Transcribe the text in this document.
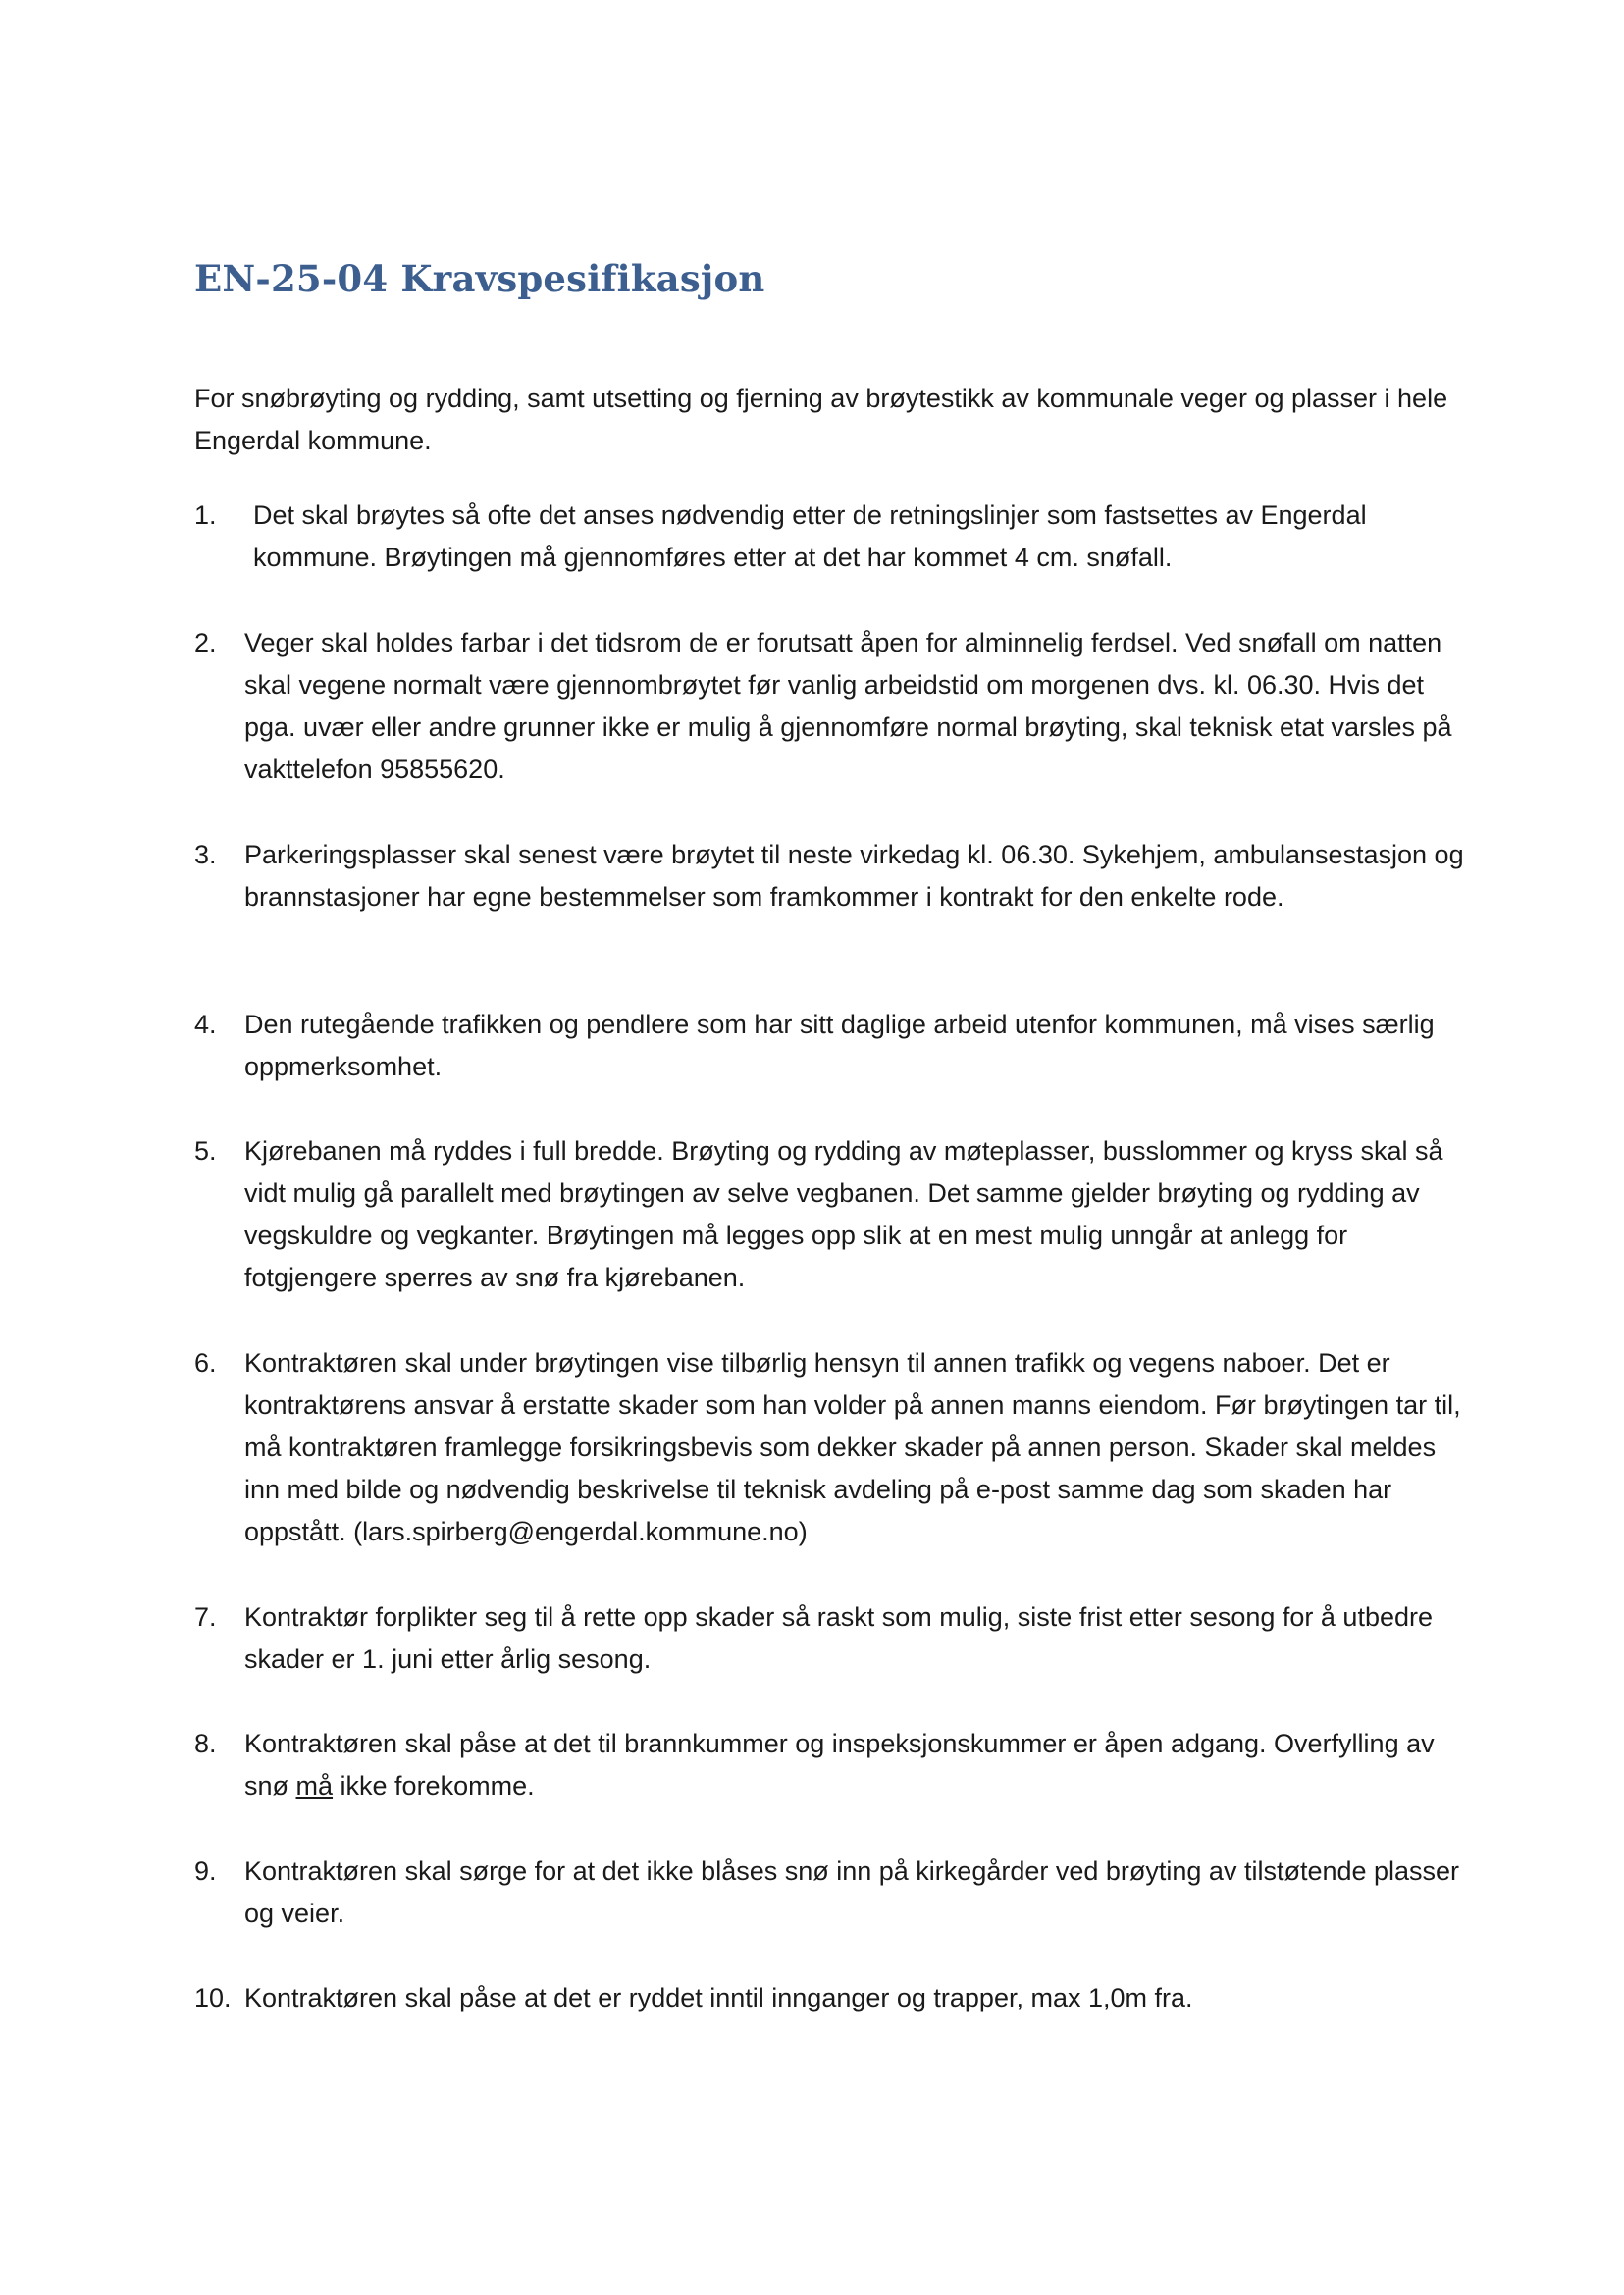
EN-25-04 Kravspesifikasjon

For snøbrøyting og rydding, samt utsetting og fjerning av brøytestikk av kommunale veger og plasser i hele Engerdal kommune.

1. Det skal brøytes så ofte det anses nødvendig etter de retningslinjer som fastsettes av Engerdal kommune. Brøytingen må gjennomføres etter at det har kommet 4 cm. snøfall.
2. Veger skal holdes farbar i det tidsrom de er forutsatt åpen for alminnelig ferdsel. Ved snøfall om natten skal vegene normalt være gjennombrøytet før vanlig arbeidstid om morgenen dvs. kl. 06.30. Hvis det pga. uvær eller andre grunner ikke er mulig å gjennomføre normal brøyting, skal teknisk etat varsles på vakttelefon 95855620.
3. Parkeringsplasser skal senest være brøytet til neste virkedag kl. 06.30. Sykehjem, ambulansestasjon og brannstasjoner har egne bestemmelser som framkommer i kontrakt for den enkelte rode.
4. Den rutegående trafikken og pendlere som har sitt daglige arbeid utenfor kommunen, må vises særlig oppmerksomhet.
5. Kjørebanen må ryddes i full bredde. Brøyting og rydding av møteplasser, busslommer og kryss skal så vidt mulig gå parallelt med brøytingen av selve vegbanen. Det samme gjelder brøyting og rydding av vegskuldre og vegkanter. Brøytingen må legges opp slik at en mest mulig unngår at anlegg for fotgjengere sperres av snø fra kjørebanen.
6. Kontraktøren skal under brøytingen vise tilbørlig hensyn til annen trafikk og vegens naboer. Det er kontraktørens ansvar å erstatte skader som han volder på annen manns eiendom. Før brøytingen tar til, må kontraktøren framlegge forsikringsbevis som dekker skader på annen person. Skader skal meldes inn med bilde og nødvendig beskrivelse til teknisk avdeling på e-post samme dag som skaden har oppstått. (lars.spirberg@engerdal.kommune.no)
7. Kontraktør forplikter seg til å rette opp skader så raskt som mulig, siste frist etter sesong for å utbedre skader er 1. juni etter årlig sesong.
8. Kontraktøren skal påse at det til brannkummer og inspeksjonskummer er åpen adgang. Overfylling av snø må ikke forekomme.
9. Kontraktøren skal sørge for at det ikke blåses snø inn på kirkegårder ved brøyting av tilstøtende plasser og veier.
10. Kontraktøren skal påse at det er ryddet inntil innganger og trapper, max 1,0m fra.
